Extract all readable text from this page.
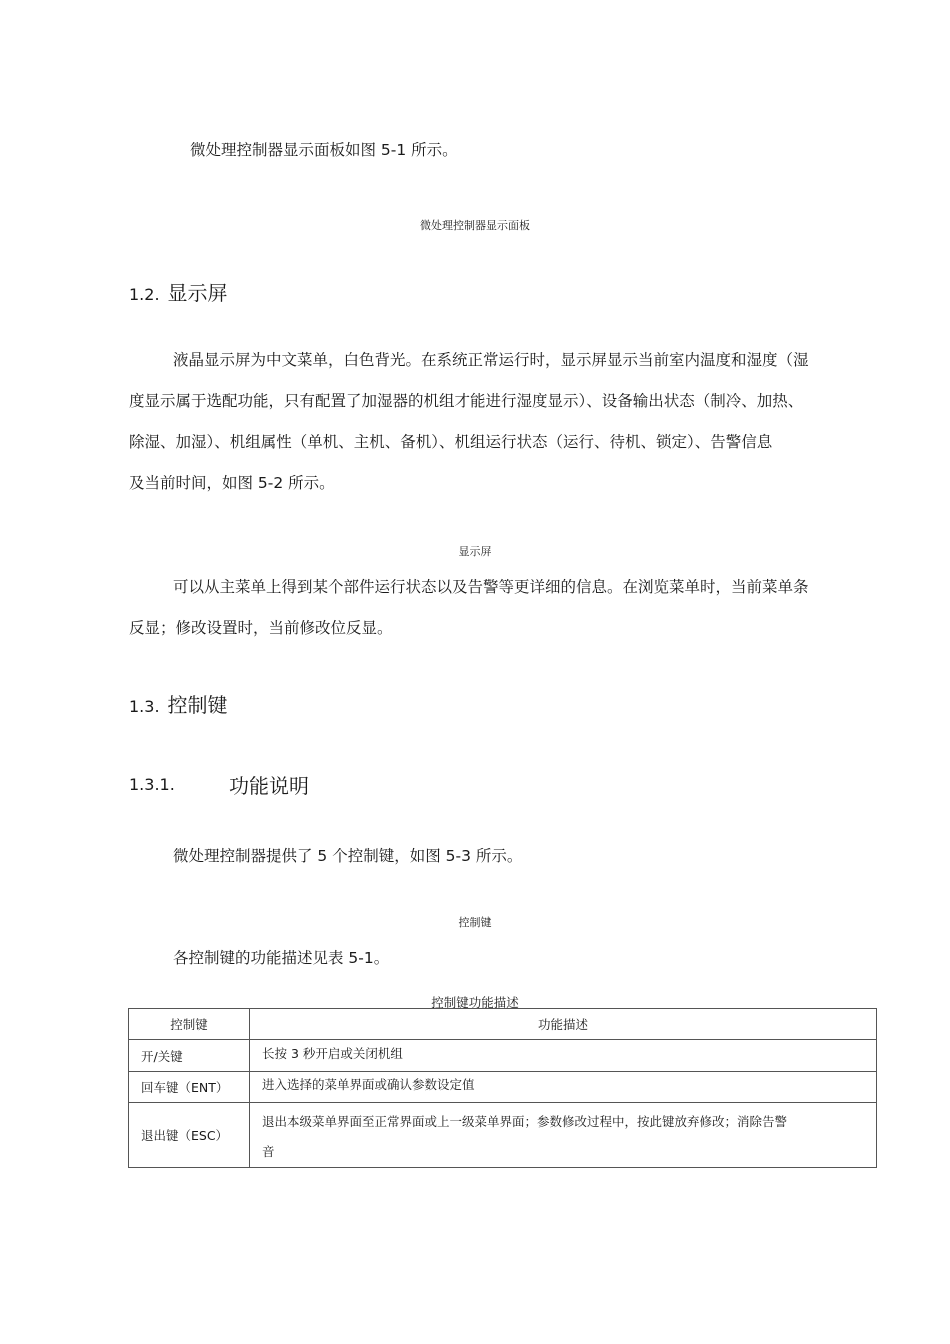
微处理控制器显示面板如图 5-1 所示。
微处理控制器显示面板
1.2. 显示屏
液晶显示屏为中文菜单，白色背光。在系统正常运行时，显示屏显示当前室内温度和湿度（湿
度显示属于选配功能，只有配置了加湿器的机组才能进行湿度显示）、设备输出状态（制冷、加热、
除湿、加湿）、机组属性（单机、主机、备机）、机组运行状态（运行、待机、锁定）、告警信息
及当前时间，如图 5-2 所示。
显示屏
可以从主菜单上得到某个部件运行状态以及告警等更详细的信息。在浏览菜单时，当前菜单条
反显；修改设置时，当前修改位反显。
1.3. 控制键
1.3.1.	功能说明
微处理控制器提供了 5 个控制键，如图 5-3 所示。
控制键
各控制键的功能描述见表 5-1。
控制键功能描述
控制键	功能描述
开/关键	长按 3 秒开启或关闭机组
回车键（ENT）	进入选择的菜单界面或确认参数设定值
退出键（ESC）	退出本级菜单界面至正常界面或上一级菜单界面；参数修改过程中，按此键放弃修改；消除告警
音
